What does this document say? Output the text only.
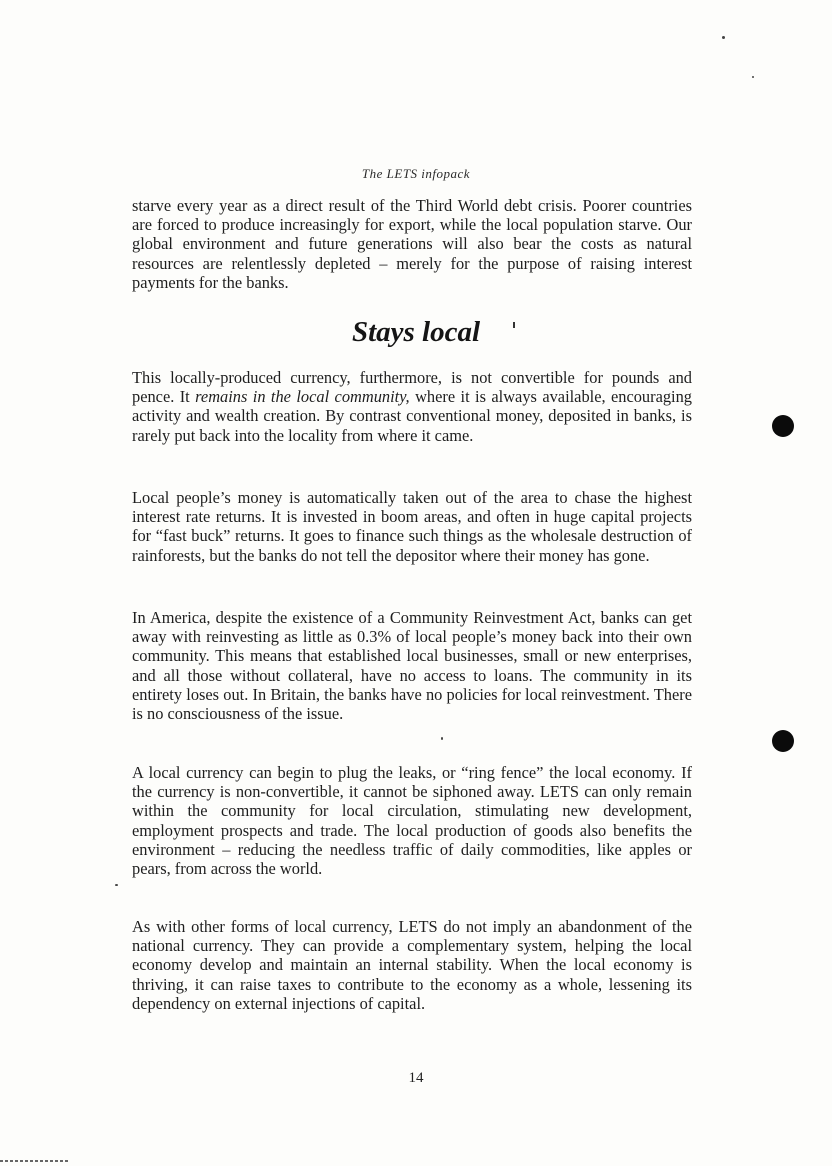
The LETS infopack
starve every year as a direct result of the Third World debt crisis. Poorer countries are forced to produce increasingly for export, while the local population starve. Our global environment and future generations will also bear the costs as natural resources are relentlessly depleted – merely for the purpose of raising interest payments for the banks.
Stays local
This locally-produced currency, furthermore, is not convertible for pounds and pence. It remains in the local community, where it is always available, encouraging activity and wealth creation. By contrast conventional money, deposited in banks, is rarely put back into the locality from where it came.
Local people’s money is automatically taken out of the area to chase the highest interest rate returns. It is invested in boom areas, and often in huge capital projects for “fast buck” returns. It goes to finance such things as the wholesale destruction of rainforests, but the banks do not tell the depositor where their money has gone.
In America, despite the existence of a Community Reinvestment Act, banks can get away with reinvesting as little as 0.3% of local people’s money back into their own community. This means that established local businesses, small or new enterprises, and all those without collateral, have no access to loans. The community in its entirety loses out. In Britain, the banks have no policies for local reinvestment. There is no consciousness of the issue.
A local currency can begin to plug the leaks, or “ring fence” the local economy. If the currency is non-convertible, it cannot be siphoned away. LETS can only remain within the community for local circulation, stimulating new development, employment prospects and trade. The local production of goods also benefits the environment – reducing the needless traffic of daily commodities, like apples or pears, from across the world.
As with other forms of local currency, LETS do not imply an abandonment of the national currency. They can provide a complementary system, helping the local economy develop and maintain an internal stability. When the local economy is thriving, it can raise taxes to contribute to the economy as a whole, lessening its dependency on external injections of capital.
14
